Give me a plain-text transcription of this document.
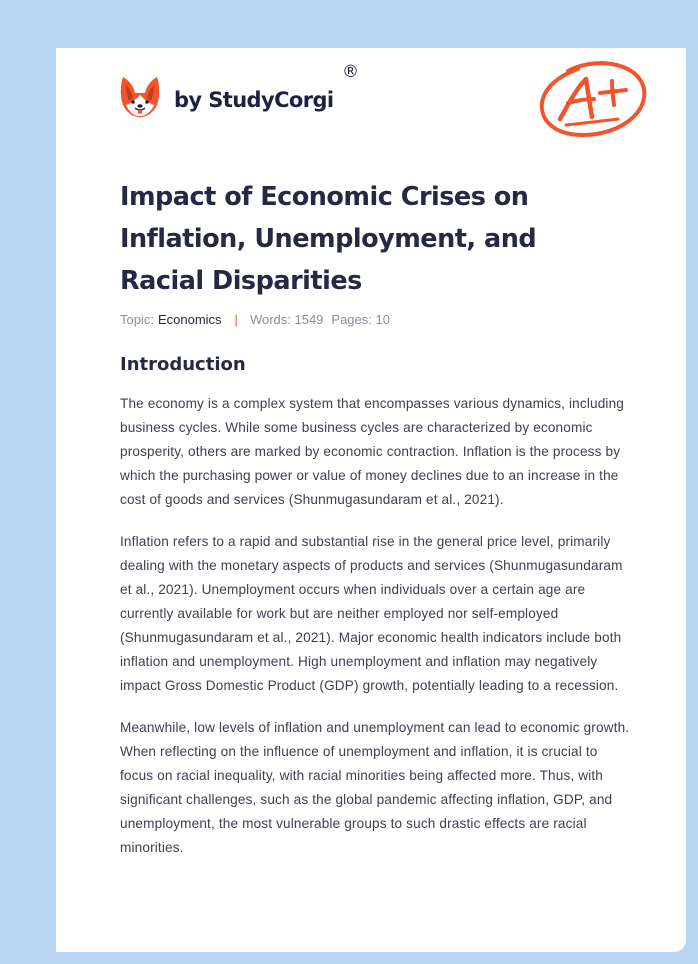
by StudyCorgi
®
Impact of Economic Crises on Inflation, Unemployment, and Racial Disparities
Topic: Economics | Words: 1549 Pages: 10
Introduction

The economy is a complex system that encompasses various dynamics, including business cycles. While some business cycles are characterized by economic prosperity, others are marked by economic contraction. Inflation is the process by which the purchasing power or value of money declines due to an increase in the cost of goods and services (Shunmugasundaram et al., 2021).

Inflation refers to a rapid and substantial rise in the general price level, primarily dealing with the monetary aspects of products and services (Shunmugasundaram et al., 2021). Unemployment occurs when individuals over a certain age are currently available for work but are neither employed nor self-employed (Shunmugasundaram et al., 2021). Major economic health indicators include both inflation and unemployment. High unemployment and inflation may negatively impact Gross Domestic Product (GDP) growth, potentially leading to a recession.

Meanwhile, low levels of inflation and unemployment can lead to economic growth. When reflecting on the influence of unemployment and inflation, it is crucial to focus on racial inequality, with racial minorities being affected more. Thus, with significant challenges, such as the global pandemic affecting inflation, GDP, and unemployment, the most vulnerable groups to such drastic effects are racial minorities.
